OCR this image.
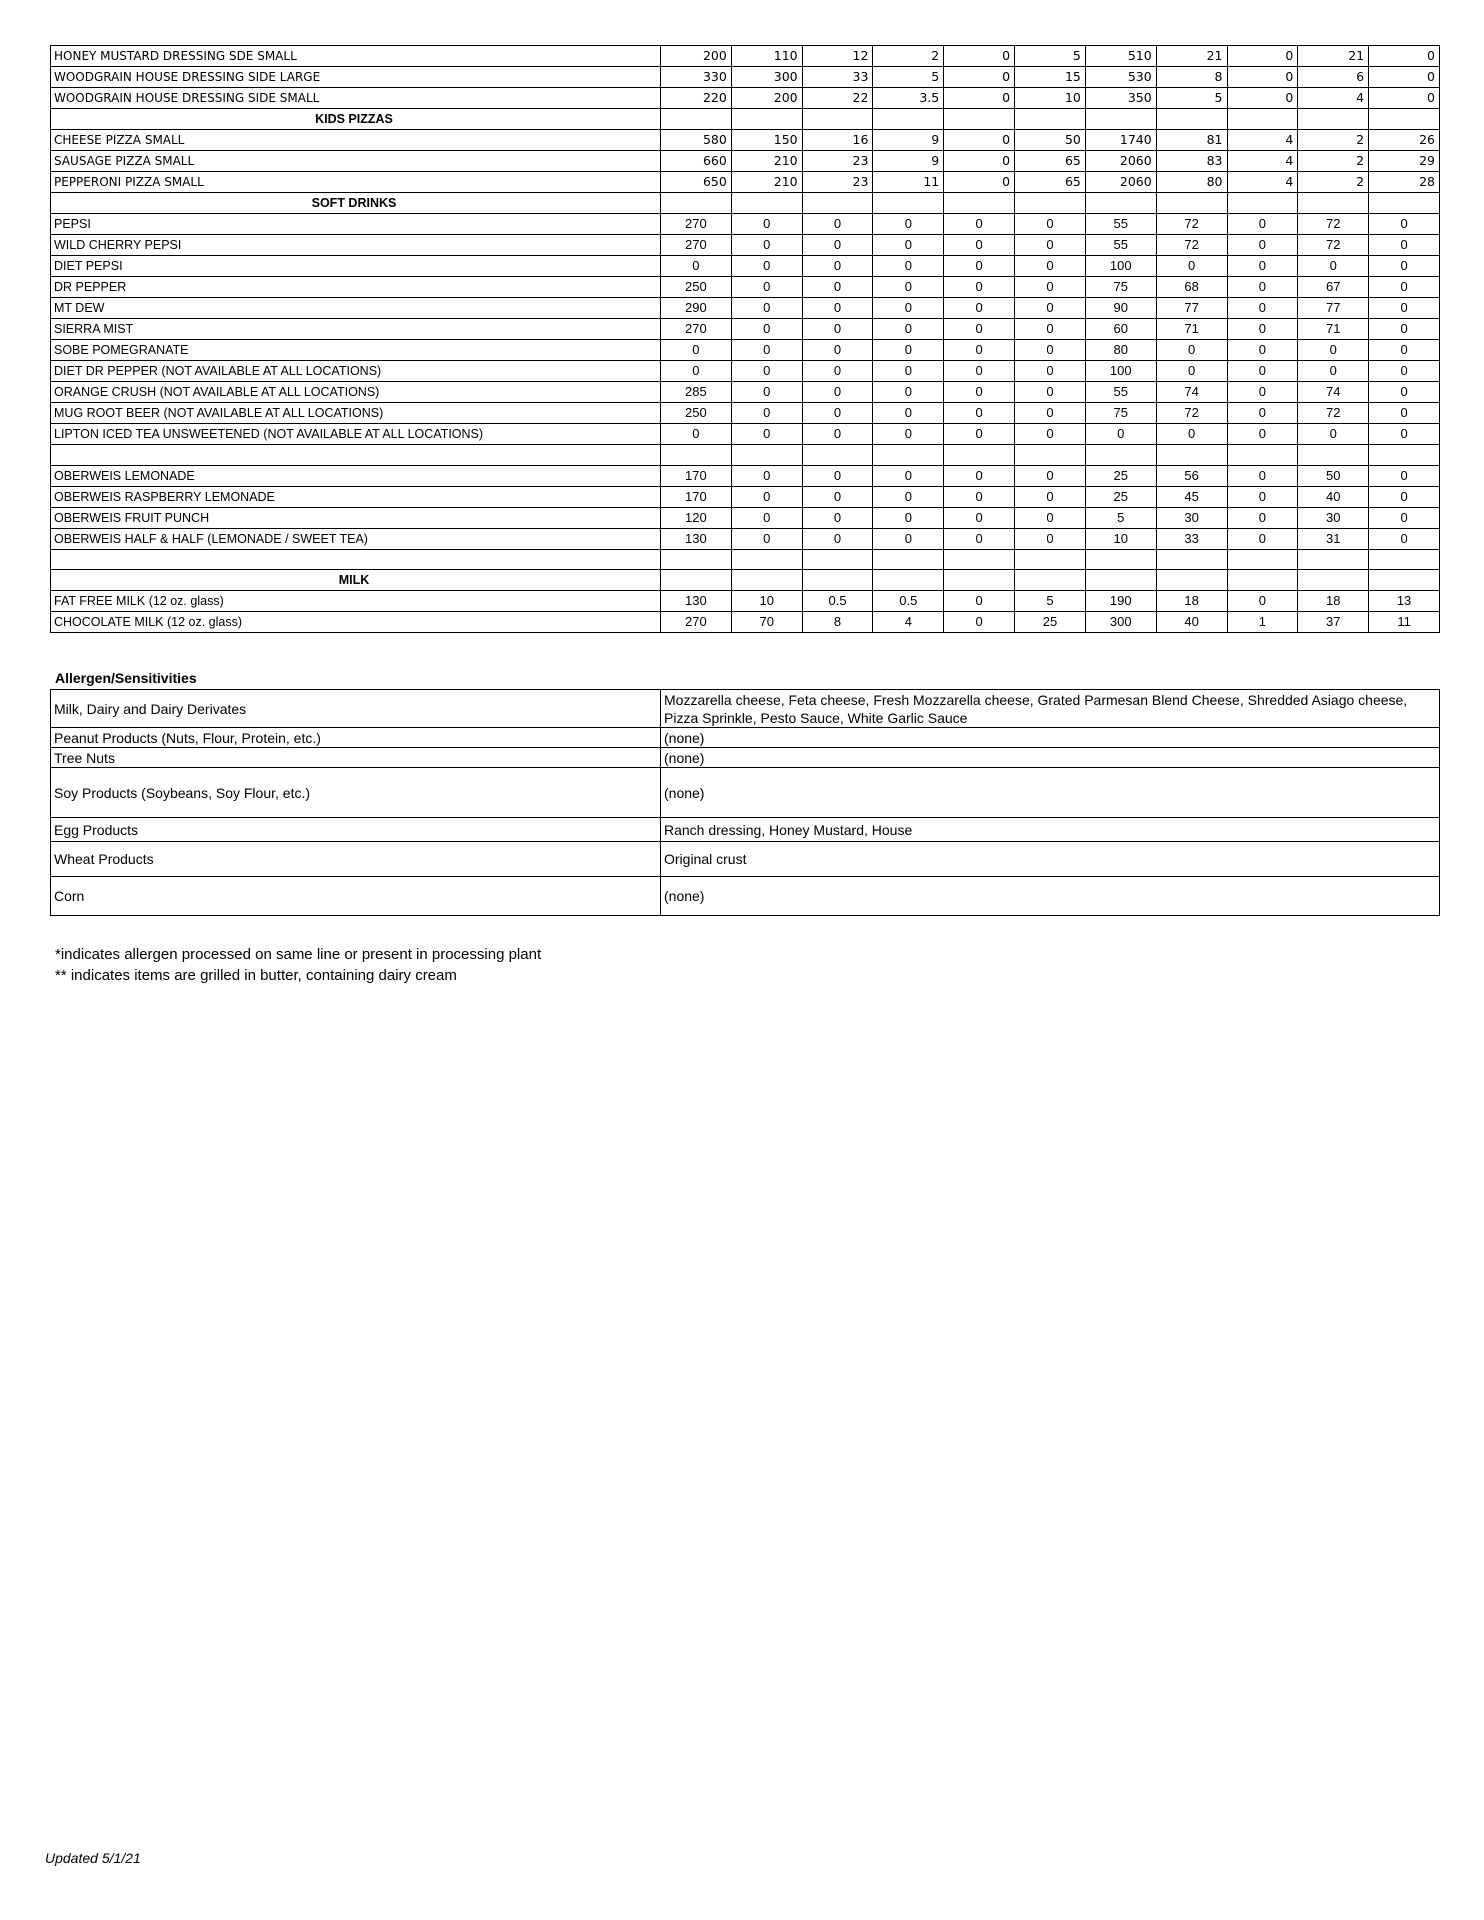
HONEY MUSTARD DRESSING SDE SMALL	200	110	12	2	0	5	510	21	0	21	0
WOODGRAIN HOUSE DRESSING SIDE LARGE	330	300	33	5	0	15	530	8	0	6	0
WOODGRAIN HOUSE DRESSING SIDE SMALL	220	200	22	3.5	0	10	350	5	0	4	0
KIDS PIZZAS											
CHEESE PIZZA SMALL	580	150	16	9	0	50	1740	81	4	2	26
SAUSAGE PIZZA SMALL	660	210	23	9	0	65	2060	83	4	2	29
PEPPERONI PIZZA SMALL	650	210	23	11	0	65	2060	80	4	2	28
SOFT DRINKS											
PEPSI	270	0	0	0	0	0	55	72	0	72	0
WILD CHERRY PEPSI	270	0	0	0	0	0	55	72	0	72	0
DIET PEPSI	0	0	0	0	0	0	100	0	0	0	0
DR PEPPER	250	0	0	0	0	0	75	68	0	67	0
MT DEW	290	0	0	0	0	0	90	77	0	77	0
SIERRA MIST	270	0	0	0	0	0	60	71	0	71	0
SOBE POMEGRANATE	0	0	0	0	0	0	80	0	0	0	0
DIET DR PEPPER (NOT AVAILABLE AT ALL LOCATIONS)	0	0	0	0	0	0	100	0	0	0	0
ORANGE CRUSH (NOT AVAILABLE AT ALL LOCATIONS)	285	0	0	0	0	0	55	74	0	74	0
MUG ROOT BEER (NOT AVAILABLE AT ALL LOCATIONS)	250	0	0	0	0	0	75	72	0	72	0
LIPTON ICED TEA UNSWEETENED (NOT AVAILABLE AT ALL LOCATIONS)	0	0	0	0	0	0	0	0	0	0	0

OBERWEIS LEMONADE	170	0	0	0	0	0	25	56	0	50	0
OBERWEIS RASPBERRY LEMONADE	170	0	0	0	0	0	25	45	0	40	0
OBERWEIS FRUIT PUNCH	120	0	0	0	0	0	5	30	0	30	0
OBERWEIS HALF & HALF (LEMONADE / SWEET TEA)	130	0	0	0	0	0	10	33	0	31	0

MILK											
FAT FREE MILK (12 oz. glass)	130	10	0.5	0.5	0	5	190	18	0	18	13
CHOCOLATE MILK (12 oz. glass)	270	70	8	4	0	25	300	40	1	37	11
Allergen/Sensitivities
Milk, Dairy and Dairy Derivates	Mozzarella cheese, Feta cheese, Fresh Mozzarella cheese, Grated Parmesan Blend Cheese, Shredded Asiago cheese, Pizza Sprinkle, Pesto Sauce, White Garlic Sauce
Peanut Products (Nuts, Flour, Protein, etc.)	(none)
Tree Nuts	(none)
Soy Products (Soybeans, Soy Flour, etc.)	(none)
Egg Products	Ranch dressing, Honey Mustard, House
Wheat Products	Original crust
Corn	(none)
*indicates allergen processed on same line or present in processing plant
** indicates items are grilled in butter, containing dairy cream
Updated 5/1/21
